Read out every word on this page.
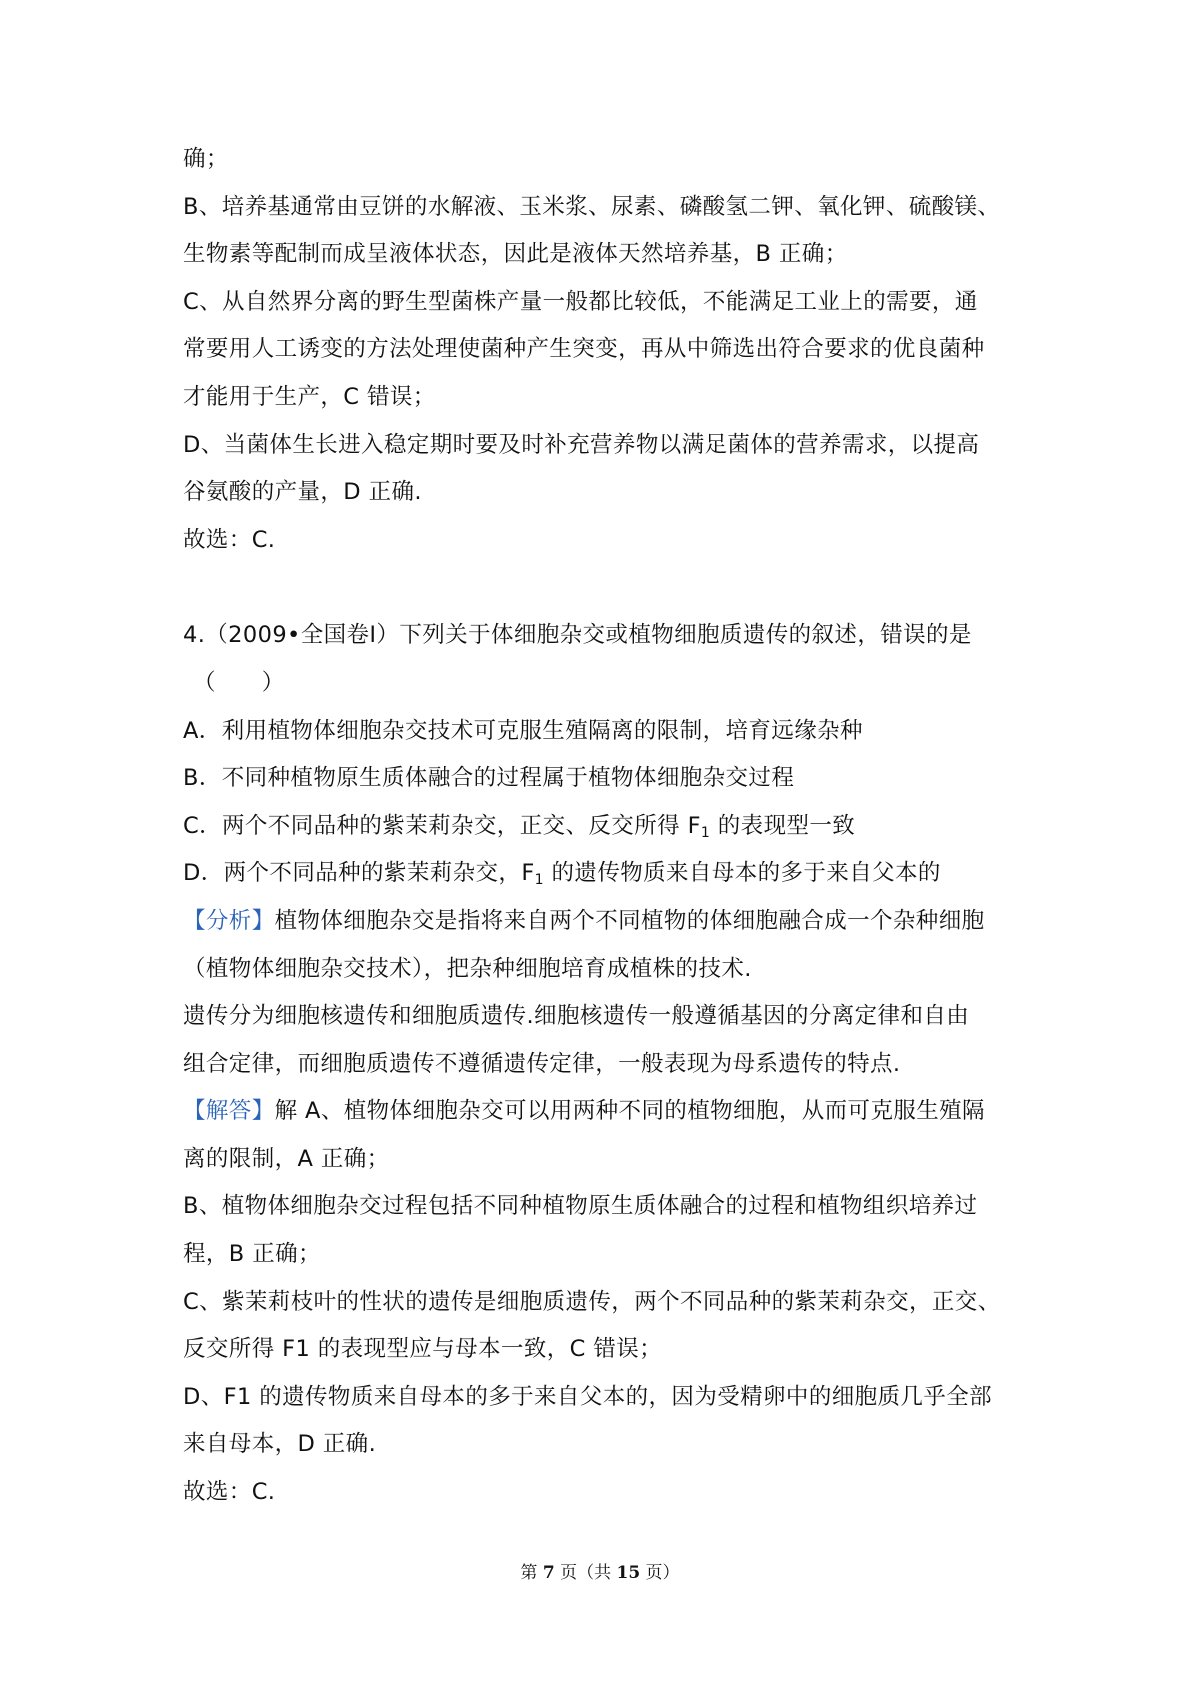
确；
B、培养基通常由豆饼的水解液、玉米浆、尿素、磷酸氢二钾、氧化钾、硫酸镁、
生物素等配制而成呈液体状态，因此是液体天然培养基，B 正确；
C、从自然界分离的野生型菌株产量一般都比较低，不能满足工业上的需要，通
常要用人工诱变的方法处理使菌种产生突变，再从中筛选出符合要求的优良菌种
才能用于生产，C 错误；
D、当菌体生长进入稳定期时要及时补充营养物以满足菌体的营养需求，以提高
谷氨酸的产量，D 正确.
故选：C.
4.（2009•全国卷Ⅰ）下列关于体细胞杂交或植物细胞质遗传的叙述，错误的是
（　　）
A．利用植物体细胞杂交技术可克服生殖隔离的限制，培育远缘杂种
B．不同种植物原生质体融合的过程属于植物体细胞杂交过程
C．两个不同品种的紫茉莉杂交，正交、反交所得 $F_1$ 的表现型一致
D．两个不同品种的紫茉莉杂交，$F_1$ 的遗传物质来自母本的多于来自父本的
【分析】植物体细胞杂交是指将来自两个不同植物的体细胞融合成一个杂种细胞
（植物体细胞杂交技术），把杂种细胞培育成植株的技术.
遗传分为细胞核遗传和细胞质遗传.细胞核遗传一般遵循基因的分离定律和自由
组合定律，而细胞质遗传不遵循遗传定律，一般表现为母系遗传的特点.
【解答】解 A、植物体细胞杂交可以用两种不同的植物细胞，从而可克服生殖隔
离的限制，A 正确；
B、植物体细胞杂交过程包括不同种植物原生质体融合的过程和植物组织培养过
程，B 正确；
C、紫茉莉枝叶的性状的遗传是细胞质遗传，两个不同品种的紫茉莉杂交，正交、
反交所得 F1 的表现型应与母本一致，C 错误；
D、F1 的遗传物质来自母本的多于来自父本的，因为受精卵中的细胞质几乎全部
来自母本，D 正确.
故选：C.
第 7 页（共 15 页）
